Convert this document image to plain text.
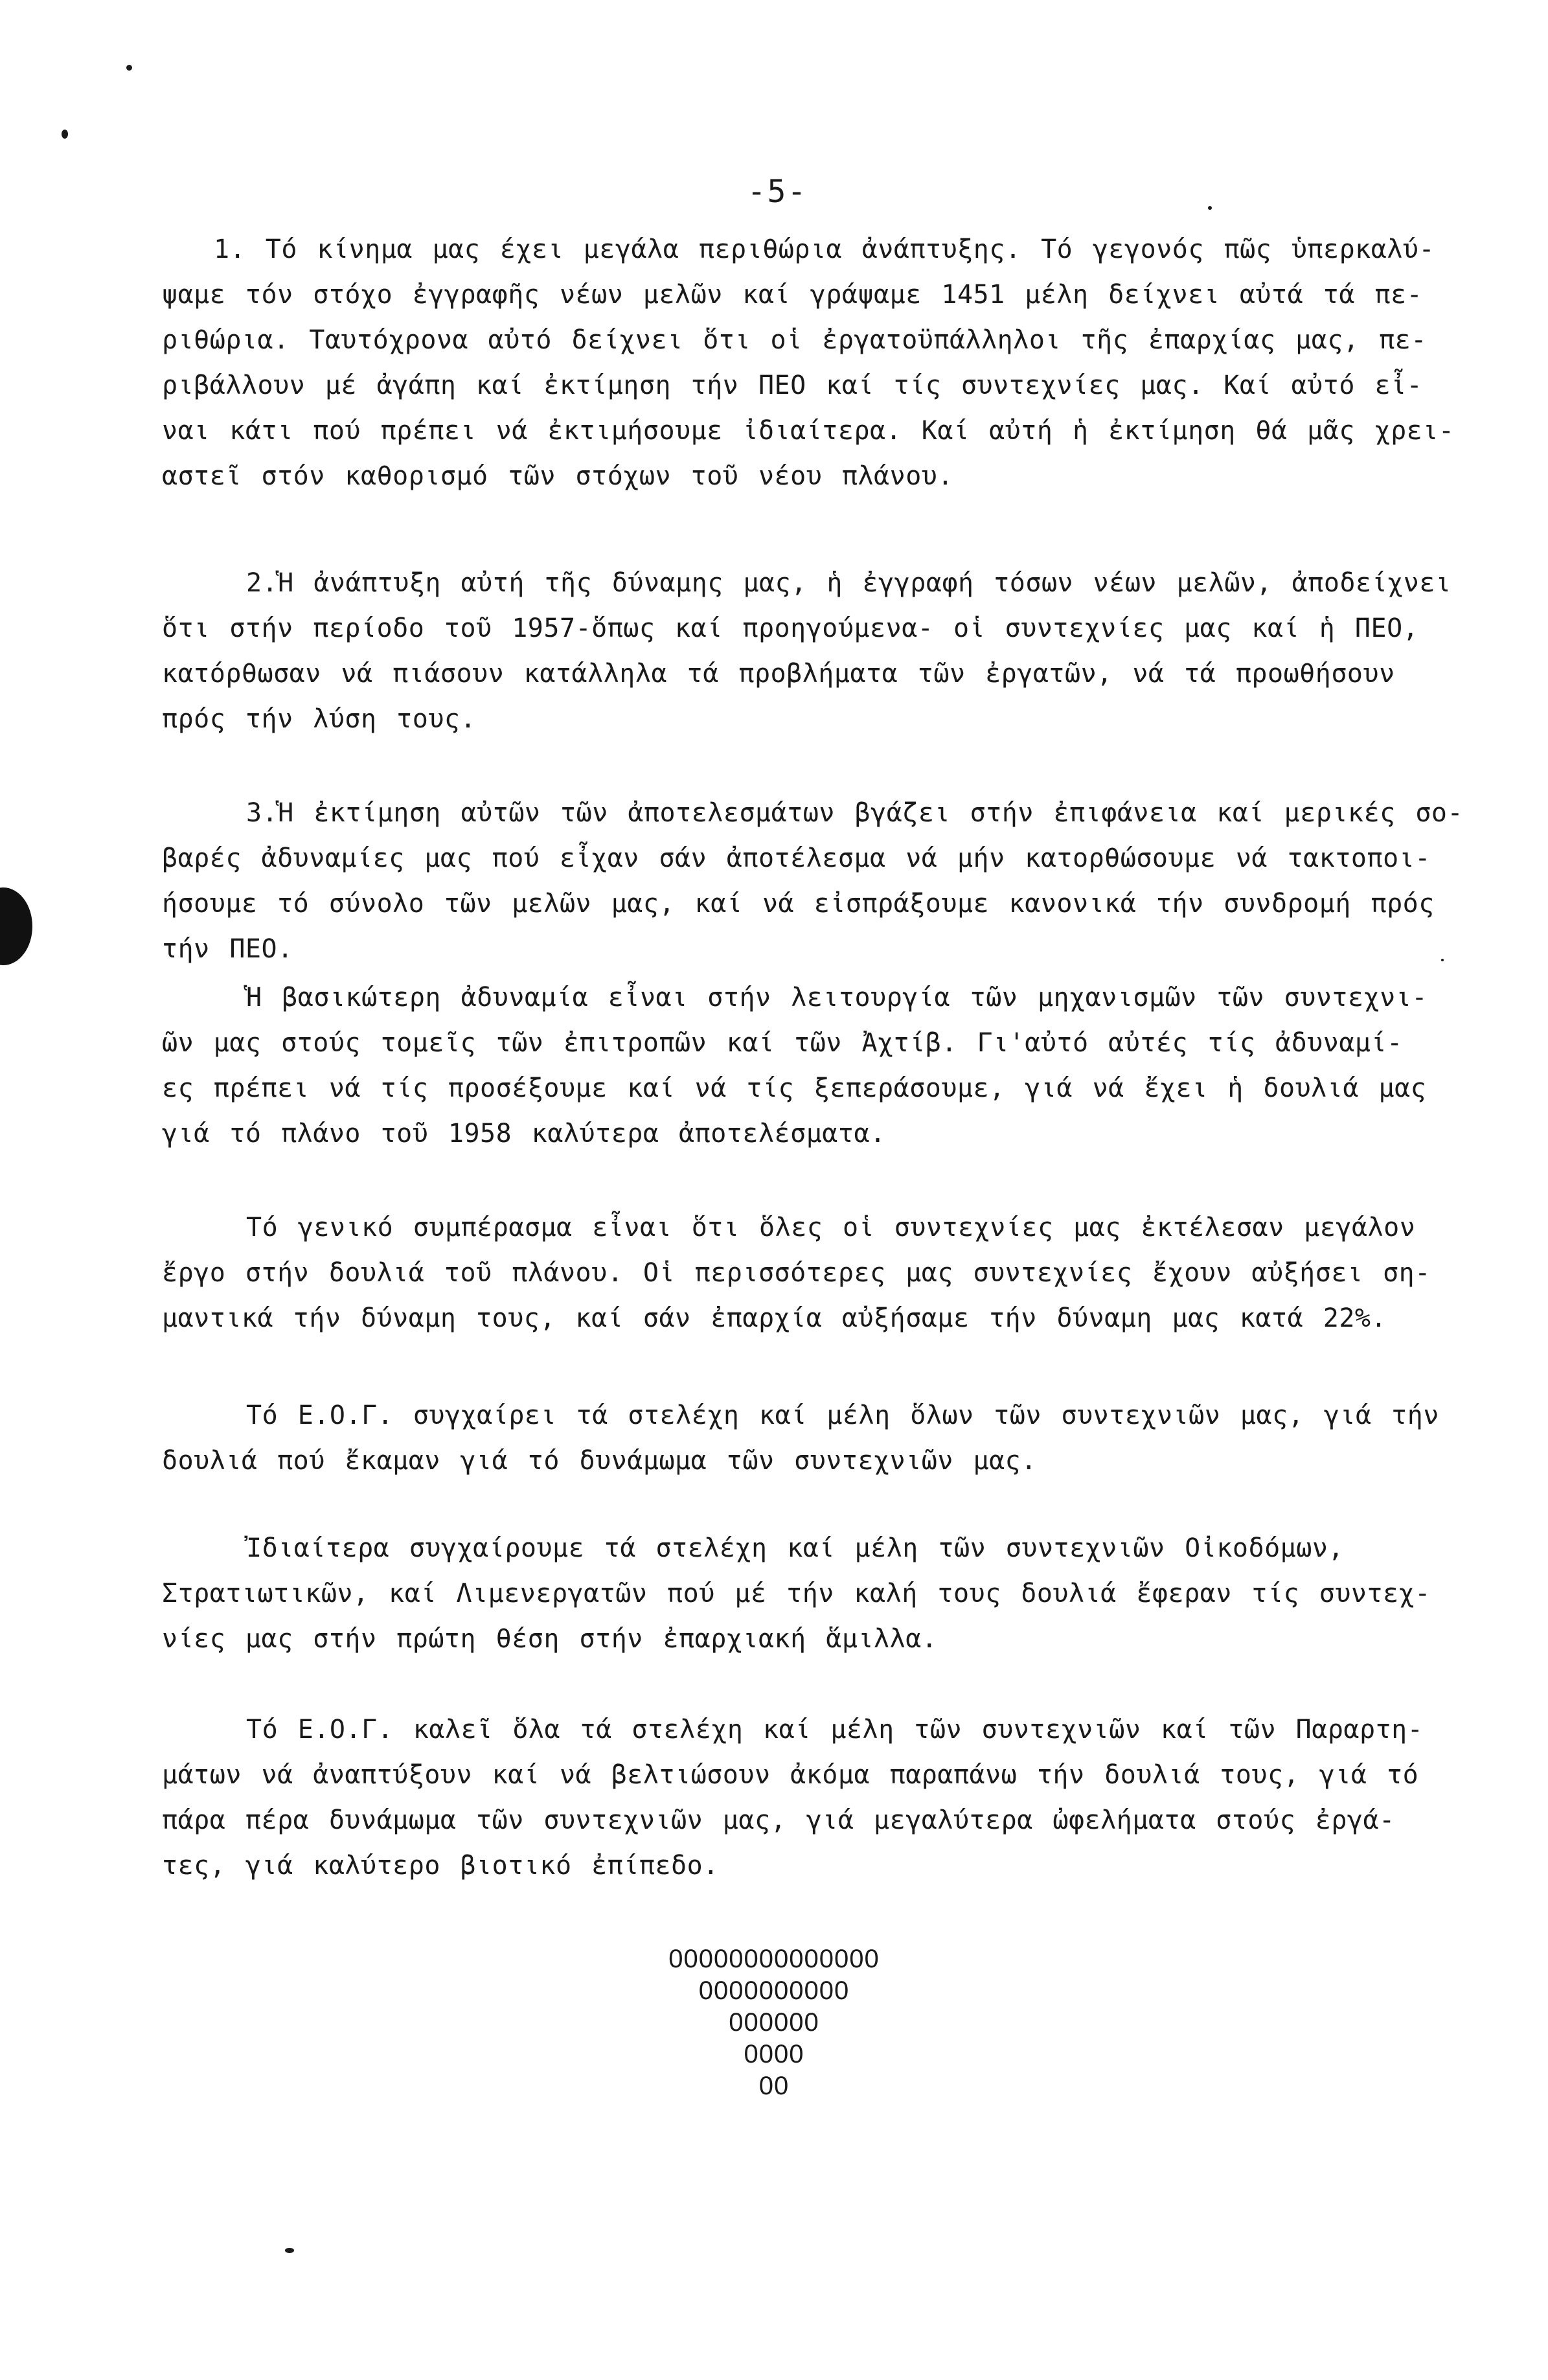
-5-
1. Τό κίνημα μας έχει μεγάλα περιθώρια ἀνάπτυξης. Τό γεγονός πῶς ὑπερκαλύ-
ψαμε τόν στόχο ἐγγραφῆς νέων μελῶν καί γράψαμε 1451 μέλη δείχνει αὐτά τά πε-
ριθώρια. Ταυτόχρονα αὐτό δείχνει ὅτι οἱ ἐργατοϋπάλληλοι τῆς ἐπαρχίας μας, πε-
ριβάλλουν μέ ἀγάπη καί ἐκτίμηση τήν ΠΕΟ καί τίς συντεχνίες μας. Καί αὐτό εἶ-
ναι κάτι πού πρέπει νά ἐκτιμήσουμε ἰδιαίτερα. Καί αὐτή ἡ ἐκτίμηση θά μᾶς χρει-
αστεῖ στόν καθορισμό τῶν στόχων τοῦ νέου πλάνου.
2.Ἡ ἀνάπτυξη αὐτή τῆς δύναμης μας, ἡ ἐγγραφή τόσων νέων μελῶν, ἀποδείχνει
ὅτι στήν περίοδο τοῦ 1957-ὅπως καί προηγούμενα- οἱ συντεχνίες μας καί ἡ ΠΕΟ,
κατόρθωσαν νά πιάσουν κατάλληλα τά προβλήματα τῶν ἐργατῶν, νά τά προωθήσουν
πρός τήν λύση τους.
3.Ἡ ἐκτίμηση αὐτῶν τῶν ἀποτελεσμάτων βγάζει στήν ἐπιφάνεια καί μερικές σο-
βαρές ἀδυναμίες μας πού εἶχαν σάν ἀποτέλεσμα νά μήν κατορθώσουμε νά τακτοποι-
ήσουμε τό σύνολο τῶν μελῶν μας, καί νά εἰσπράξουμε κανονικά τήν συνδρομή πρός
τήν ΠΕΟ.
Ἡ βασικώτερη ἀδυναμία εἶναι στήν λειτουργία τῶν μηχανισμῶν τῶν συντεχνι-
ῶν μας στούς τομεῖς τῶν ἐπιτροπῶν καί τῶν Ἀχτίβ. Γι'αὐτό αὐτές τίς ἀδυναμί-
ες πρέπει νά τίς προσέξουμε καί νά τίς ξεπεράσουμε, γιά νά ἔχει ἡ δουλιά μας
γιά τό πλάνο τοῦ 1958 καλύτερα ἀποτελέσματα.
Τό γενικό συμπέρασμα εἶναι ὅτι ὅλες οἱ συντεχνίες μας ἐκτέλεσαν μεγάλον
ἔργο στήν δουλιά τοῦ πλάνου. Οἱ περισσότερες μας συντεχνίες ἔχουν αὐξήσει ση-
μαντικά τήν δύναμη τους, καί σάν ἐπαρχία αὐξήσαμε τήν δύναμη μας κατά 22%.
Τό Ε.Ο.Γ. συγχαίρει τά στελέχη καί μέλη ὅλων τῶν συντεχνιῶν μας, γιά τήν
δουλιά πού ἔκαμαν γιά τό δυνάμωμα τῶν συντεχνιῶν μας.
Ἰδιαίτερα συγχαίρουμε τά στελέχη καί μέλη τῶν συντεχνιῶν Οἰκοδόμων,
Στρατιωτικῶν, καί Λιμενεργατῶν πού μέ τήν καλή τους δουλιά ἔφεραν τίς συντεχ-
νίες μας στήν πρώτη θέση στήν ἐπαρχιακή ἅμιλλα.
Τό Ε.Ο.Γ. καλεῖ ὅλα τά στελέχη καί μέλη τῶν συντεχνιῶν καί τῶν Παραρτη-
μάτων νά ἀναπτύξουν καί νά βελτιώσουν ἀκόμα παραπάνω τήν δουλιά τους, γιά τό
πάρα πέρα δυνάμωμα τῶν συντεχνιῶν μας, γιά μεγαλύτερα ὠφελήματα στούς ἐργά-
τες, γιά καλύτερο βιοτικό ἐπίπεδο.
00000000000000
0000000000
000000
0000
00
